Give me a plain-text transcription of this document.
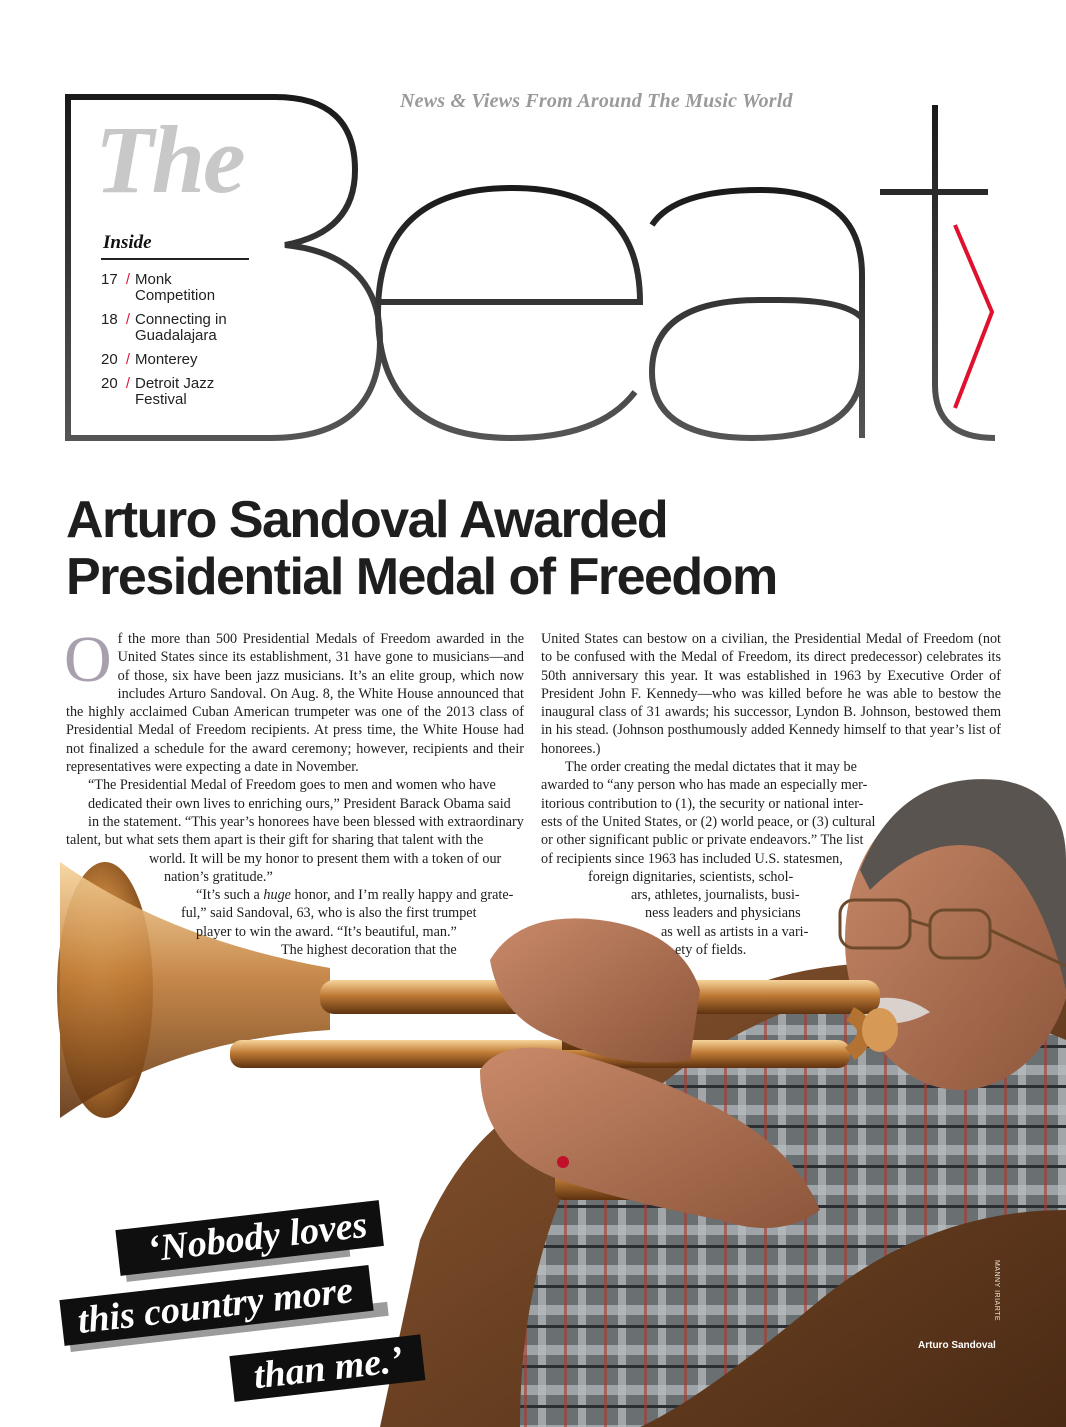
News & Views From Around The Music World
The
Inside
17 / Monk
Competition
18 / Connecting in
Guadalajara
20 / Monterey
20 / Detroit Jazz
Festival
Arturo Sandoval Awarded
Presidential Medal of Freedom

Of the more than 500 Presidential Medals of Freedom awarded in the United States since its establishment, 31 have gone to musicians—and of those, six have been jazz musicians. It’s an elite group, which now includes Arturo Sandoval. On Aug. 8, the White House announced that the highly acclaimed Cuban American trumpeter was one of the 2013 class of Presidential Medal of Freedom recipients. At press time, the White House had not finalized a schedule for the award ceremony; however, recipients and their representatives were expecting a date in November.

“The Presidential Medal of Freedom goes to men and women who have
dedicated their own lives to enriching ours,” President Barack Obama said
in the statement. “This year’s honorees have been blessed with extraordinary
talent, but what sets them apart is their gift for sharing that talent with the
world. It will be my honor to present them with a token of our
nation’s gratitude.”

“It’s such a huge honor, and I’m really happy and grate-
ful,” said Sandoval, 63, who is also the first trumpet
player to win the award. “It’s beautiful, man.”
The highest decoration that the

United States can bestow on a civilian, the Presidential Medal of Freedom (not to be confused with the Medal of Freedom, its direct predecessor) celebrates its 50th anniversary this year. It was established in 1963 by Executive Order of President John F. Kennedy—who was killed before he was able to bestow the inaugural class of 31 awards; his successor, Lyndon B. Johnson, bestowed them in his stead. (Johnson posthumously added Kennedy himself to that year’s list of honorees.)

The order creating the medal dictates that it may be
awarded to “any person who has made an especially mer-
itorious contribution to (1), the security or national inter-
ests of the United States, or (2) world peace, or (3) cultural
or other significant public or private endeavors.” The list
of recipients since 1963 has included U.S. statesmen,
foreign dignitaries, scientists, schol-
ars, athletes, journalists, busi-
ness leaders and physicians
as well as artists in a vari-
ety of fields.

‘Nobody loves
this country more
than me.’
MANNY IRIARTE
Arturo Sandoval
